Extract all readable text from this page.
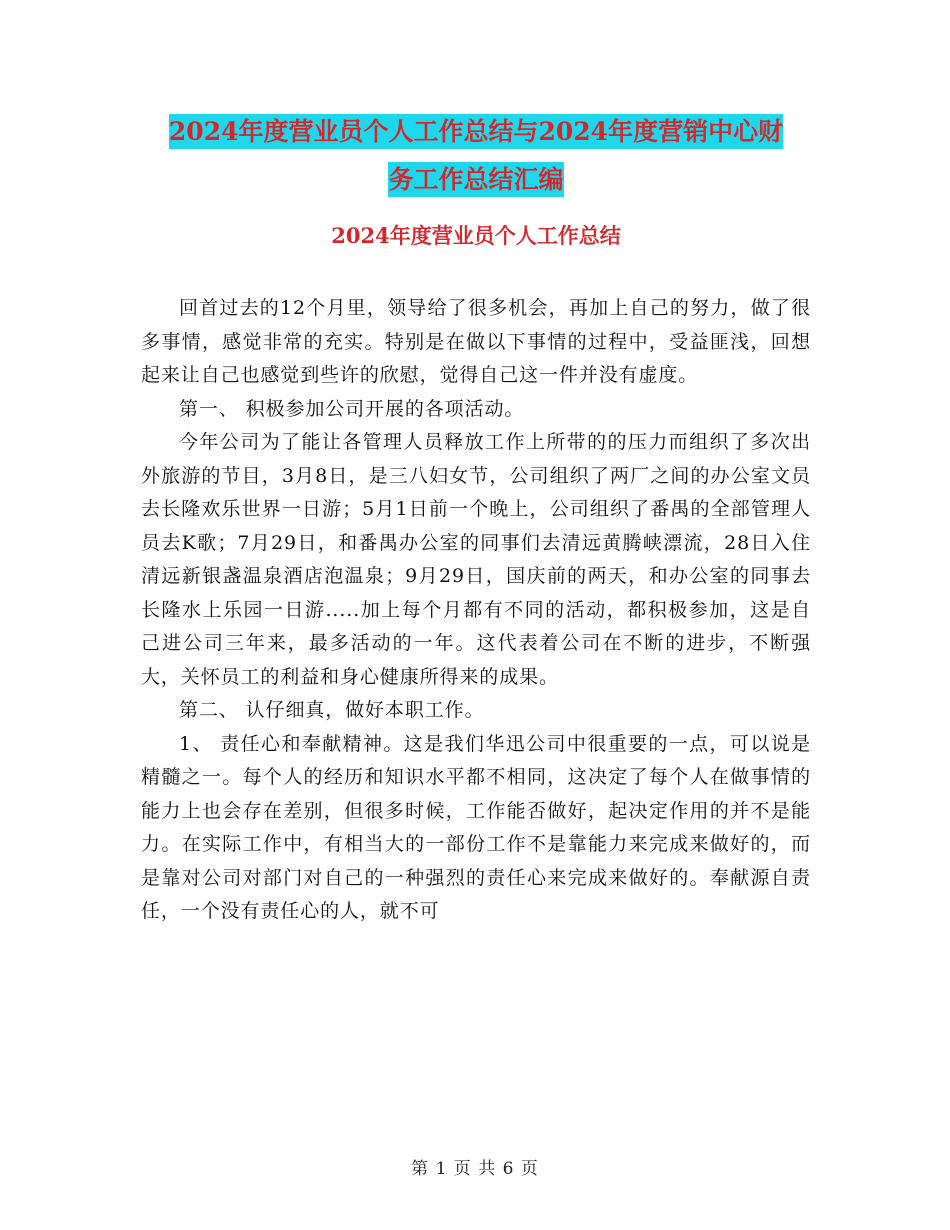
2024年度营业员个人工作总结与2024年度营销中心财
务工作总结汇编
2024年度营业员个人工作总结

回首过去的12个月里，领导给了很多机会，再加上自己的努力，做了很多事情，感觉非常的充实。特别是在做以下事情的过程中，受益匪浅，回想起来让自己也感觉到些许的欣慰，觉得自己这一件并没有虚度。

第一、 积极参加公司开展的各项活动。

今年公司为了能让各管理人员释放工作上所带的的压力而组织了多次出外旅游的节目，3月8日，是三八妇女节，公司组织了两厂之间的办公室文员去长隆欢乐世界一日游；5月1日前一个晚上，公司组织了番禺的全部管理人员去K歌；7月29日，和番禺办公室的同事们去清远黄腾峡漂流，28日入住清远新银盏温泉酒店泡温泉；9月29日，国庆前的两天，和办公室的同事去长隆水上乐园一日游.....加上每个月都有不同的活动，都积极参加，这是自己进公司三年来，最多活动的一年。这代表着公司在不断的进步，不断强大，关怀员工的利益和身心健康所得来的成果。

第二、 认仔细真，做好本职工作。

1、 责任心和奉献精神。这是我们华迅公司中很重要的一点，可以说是精髓之一。每个人的经历和知识水平都不相同，这决定了每个人在做事情的能力上也会存在差别，但很多时候，工作能否做好，起决定作用的并不是能力。在实际工作中，有相当大的一部份工作不是靠能力来完成来做好的，而是靠对公司对部门对自己的一种强烈的责任心来完成来做好的。奉献源自责任，一个没有责任心的人，就不可

第 1 页 共 6 页
